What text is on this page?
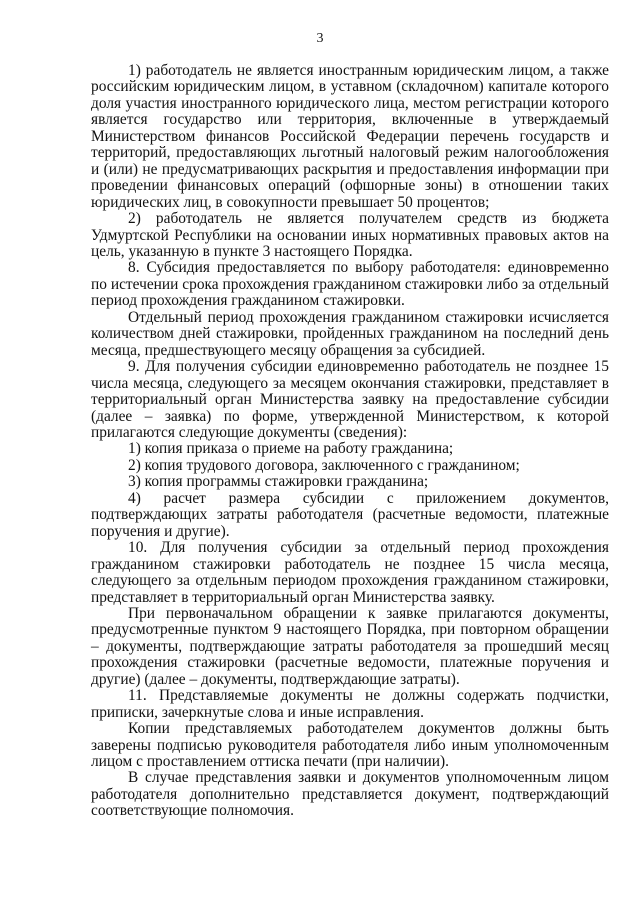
3

1) работодатель не является иностранным юридическим лицом, а также российским юридическим лицом, в уставном (складочном) капитале которого доля участия иностранного юридического лица, местом регистрации которого является государство или территория, включенные в утверждаемый Министерством финансов Российской Федерации перечень государств и территорий, предоставляющих льготный налоговый режим налогообложения и (или) не предусматривающих раскрытия и предоставления информации при проведении финансовых операций (офшорные зоны) в отношении таких юридических лиц, в совокупности превышает 50 процентов;

2) работодатель не является получателем средств из бюджета Удмуртской Республики на основании иных нормативных правовых актов на цель, указанную в пункте 3 настоящего Порядка.

8. Субсидия предоставляется по выбору работодателя: единовременно по истечении срока прохождения гражданином стажировки либо за отдельный период прохождения гражданином стажировки.

Отдельный период прохождения гражданином стажировки исчисляется количеством дней стажировки, пройденных гражданином на последний день месяца, предшествующего месяцу обращения за субсидией.

9. Для получения субсидии единовременно работодатель не позднее 15 числа месяца, следующего за месяцем окончания стажировки, представляет в территориальный орган Министерства заявку на предоставление субсидии (далее – заявка) по форме, утвержденной Министерством, к которой прилагаются следующие документы (сведения):

1) копия приказа о приеме на работу гражданина;

2) копия трудового договора, заключенного с гражданином;

3) копия программы стажировки гражданина;

4) расчет размера субсидии с приложением документов, подтверждающих затраты работодателя (расчетные ведомости, платежные поручения и другие).

10. Для получения субсидии за отдельный период прохождения гражданином стажировки работодатель не позднее 15 числа месяца, следующего за отдельным периодом прохождения гражданином стажировки, представляет в территориальный орган Министерства заявку.

При первоначальном обращении к заявке прилагаются документы, предусмотренные пунктом 9 настоящего Порядка, при повторном обращении – документы, подтверждающие затраты работодателя за прошедший месяц прохождения стажировки (расчетные ведомости, платежные поручения и другие) (далее – документы, подтверждающие затраты).

11. Представляемые документы не должны содержать подчистки, приписки, зачеркнутые слова и иные исправления.

Копии представляемых работодателем документов должны быть заверены подписью руководителя работодателя либо иным уполномоченным лицом с проставлением оттиска печати (при наличии).

В случае представления заявки и документов уполномоченным лицом работодателя дополнительно представляется документ, подтверждающий соответствующие полномочия.
